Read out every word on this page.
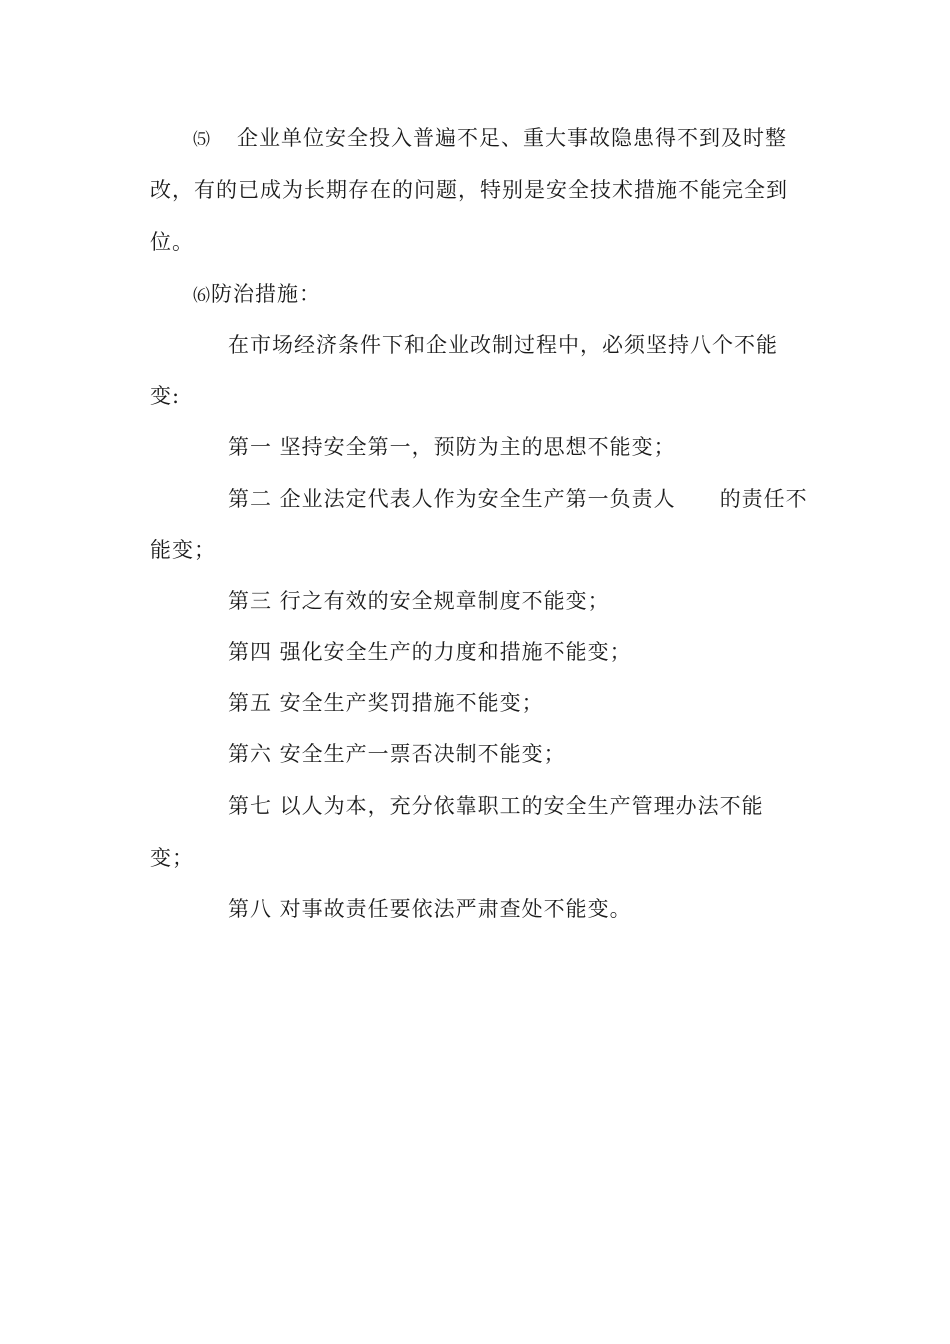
⑸ 企业单位安全投入普遍不足、重大事故隐患得不到及时整
改，有的已成为长期存在的问题，特别是安全技术措施不能完全到
位。
⑹防治措施：
在市场经济条件下和企业改制过程中，必须坚持八个不能
变:
第一 坚持安全第一，预防为主的思想不能变；
第二 企业法定代表人作为安全生产第一负责人 的责任不
能变；
第三 行之有效的安全规章制度不能变；
第四 强化安全生产的力度和措施不能变；
第五 安全生产奖罚措施不能变；
第六 安全生产一票否决制不能变；
第七 以人为本，充分依靠职工的安全生产管理办法不能
变；
第八 对事故责任要依法严肃查处不能变。
